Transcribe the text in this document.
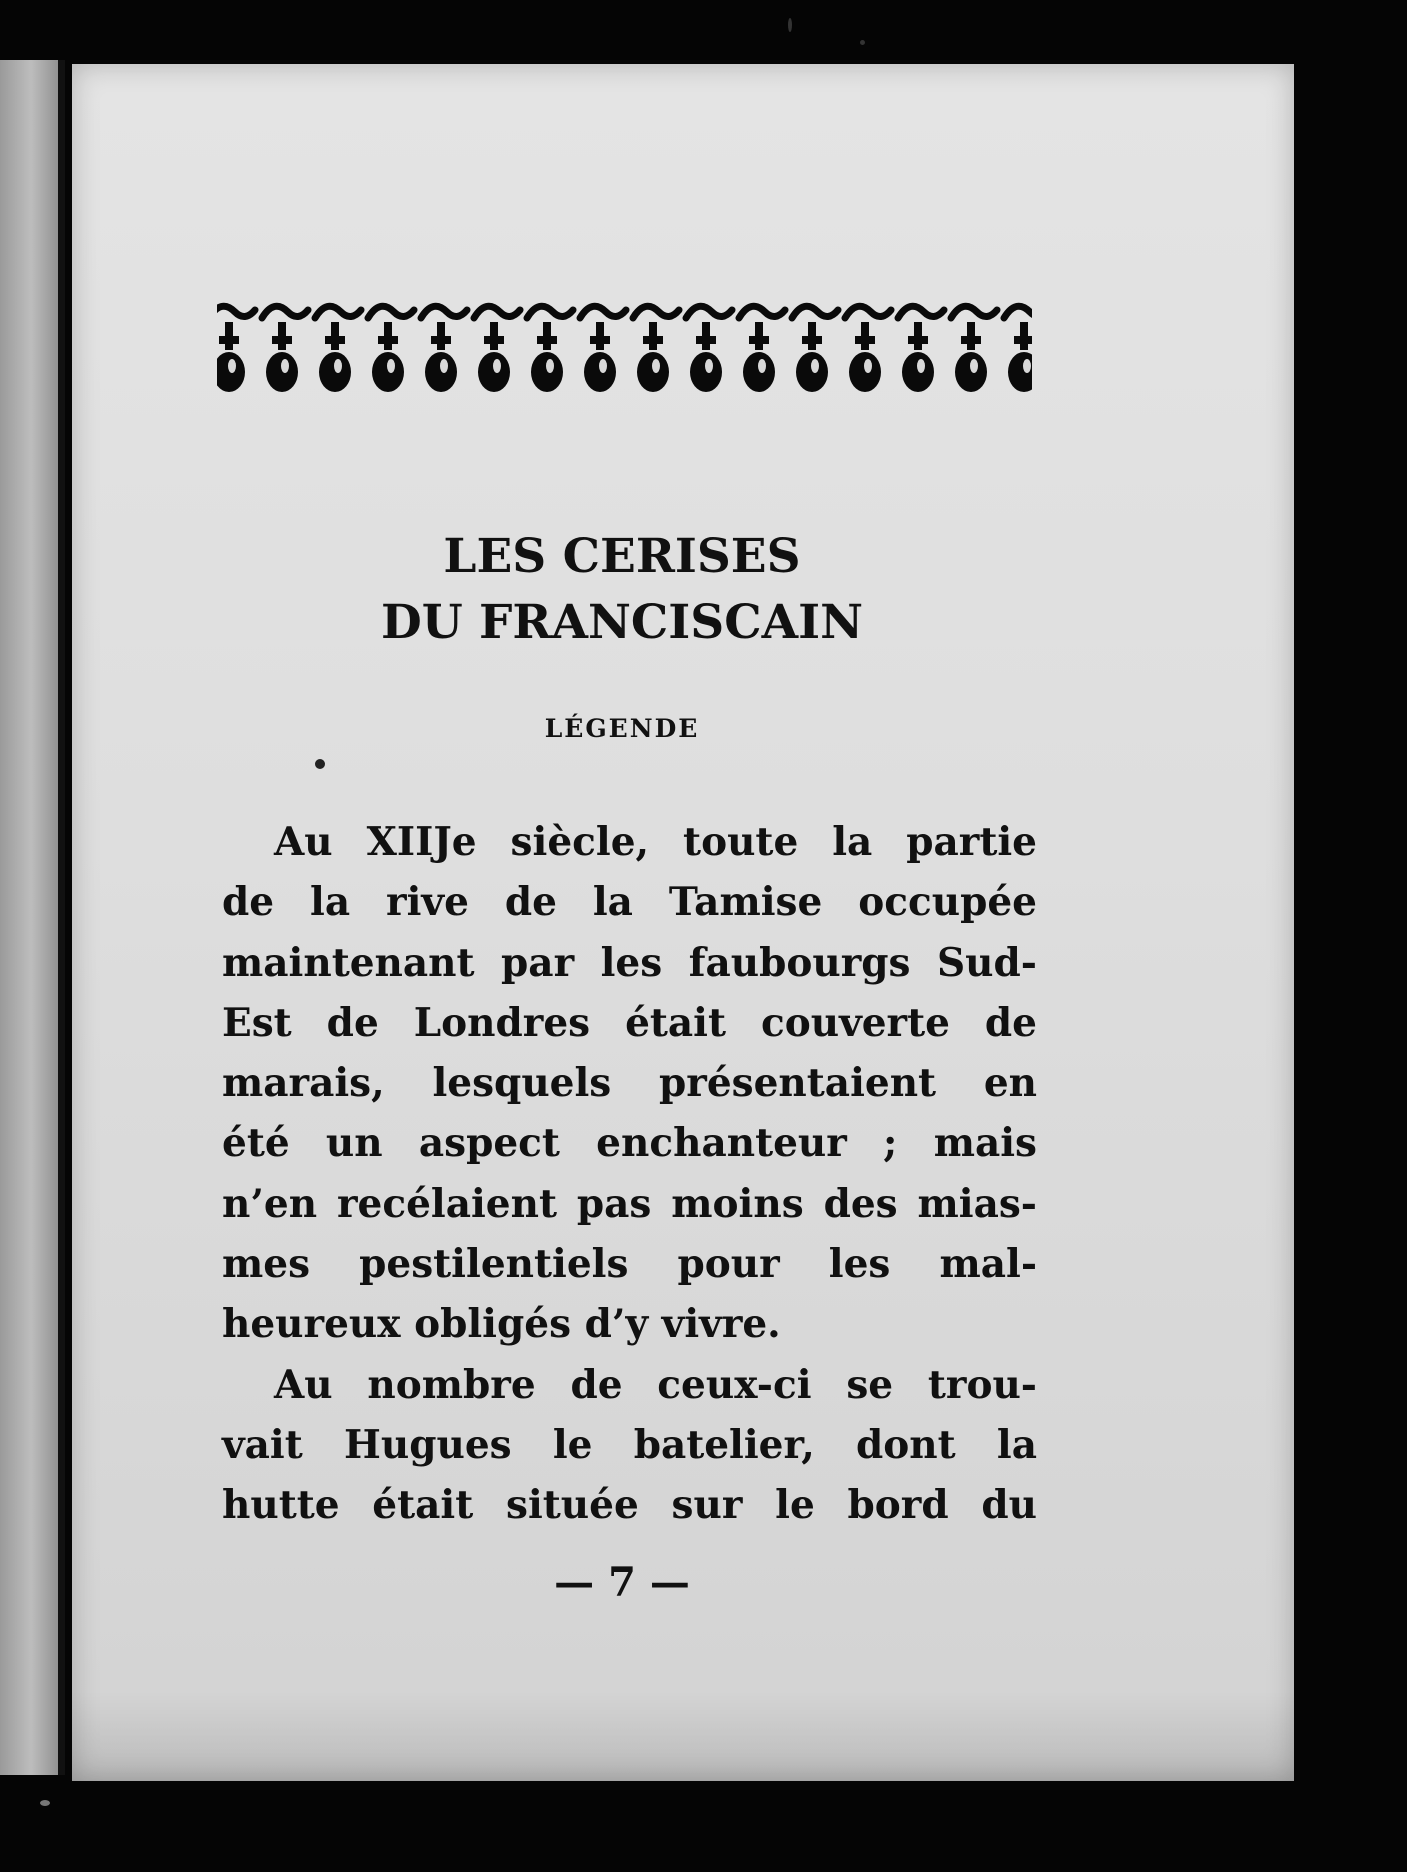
LES CERISES
DU FRANCISCAIN
LÉGENDE
Au XIIJe siècle, toute la partie
de la rive de la Tamise occupée
maintenant par les faubourgs Sud-
Est de Londres était couverte de
marais, lesquels présentaient en
été un aspect enchanteur ; mais
n’en recélaient pas moins des mias-
mes pestilentiels pour les mal-
heureux obligés d’y vivre.
Au nombre de ceux-ci se trou-
vait Hugues le batelier, dont la
hutte était située sur le bord du
— 7 —
